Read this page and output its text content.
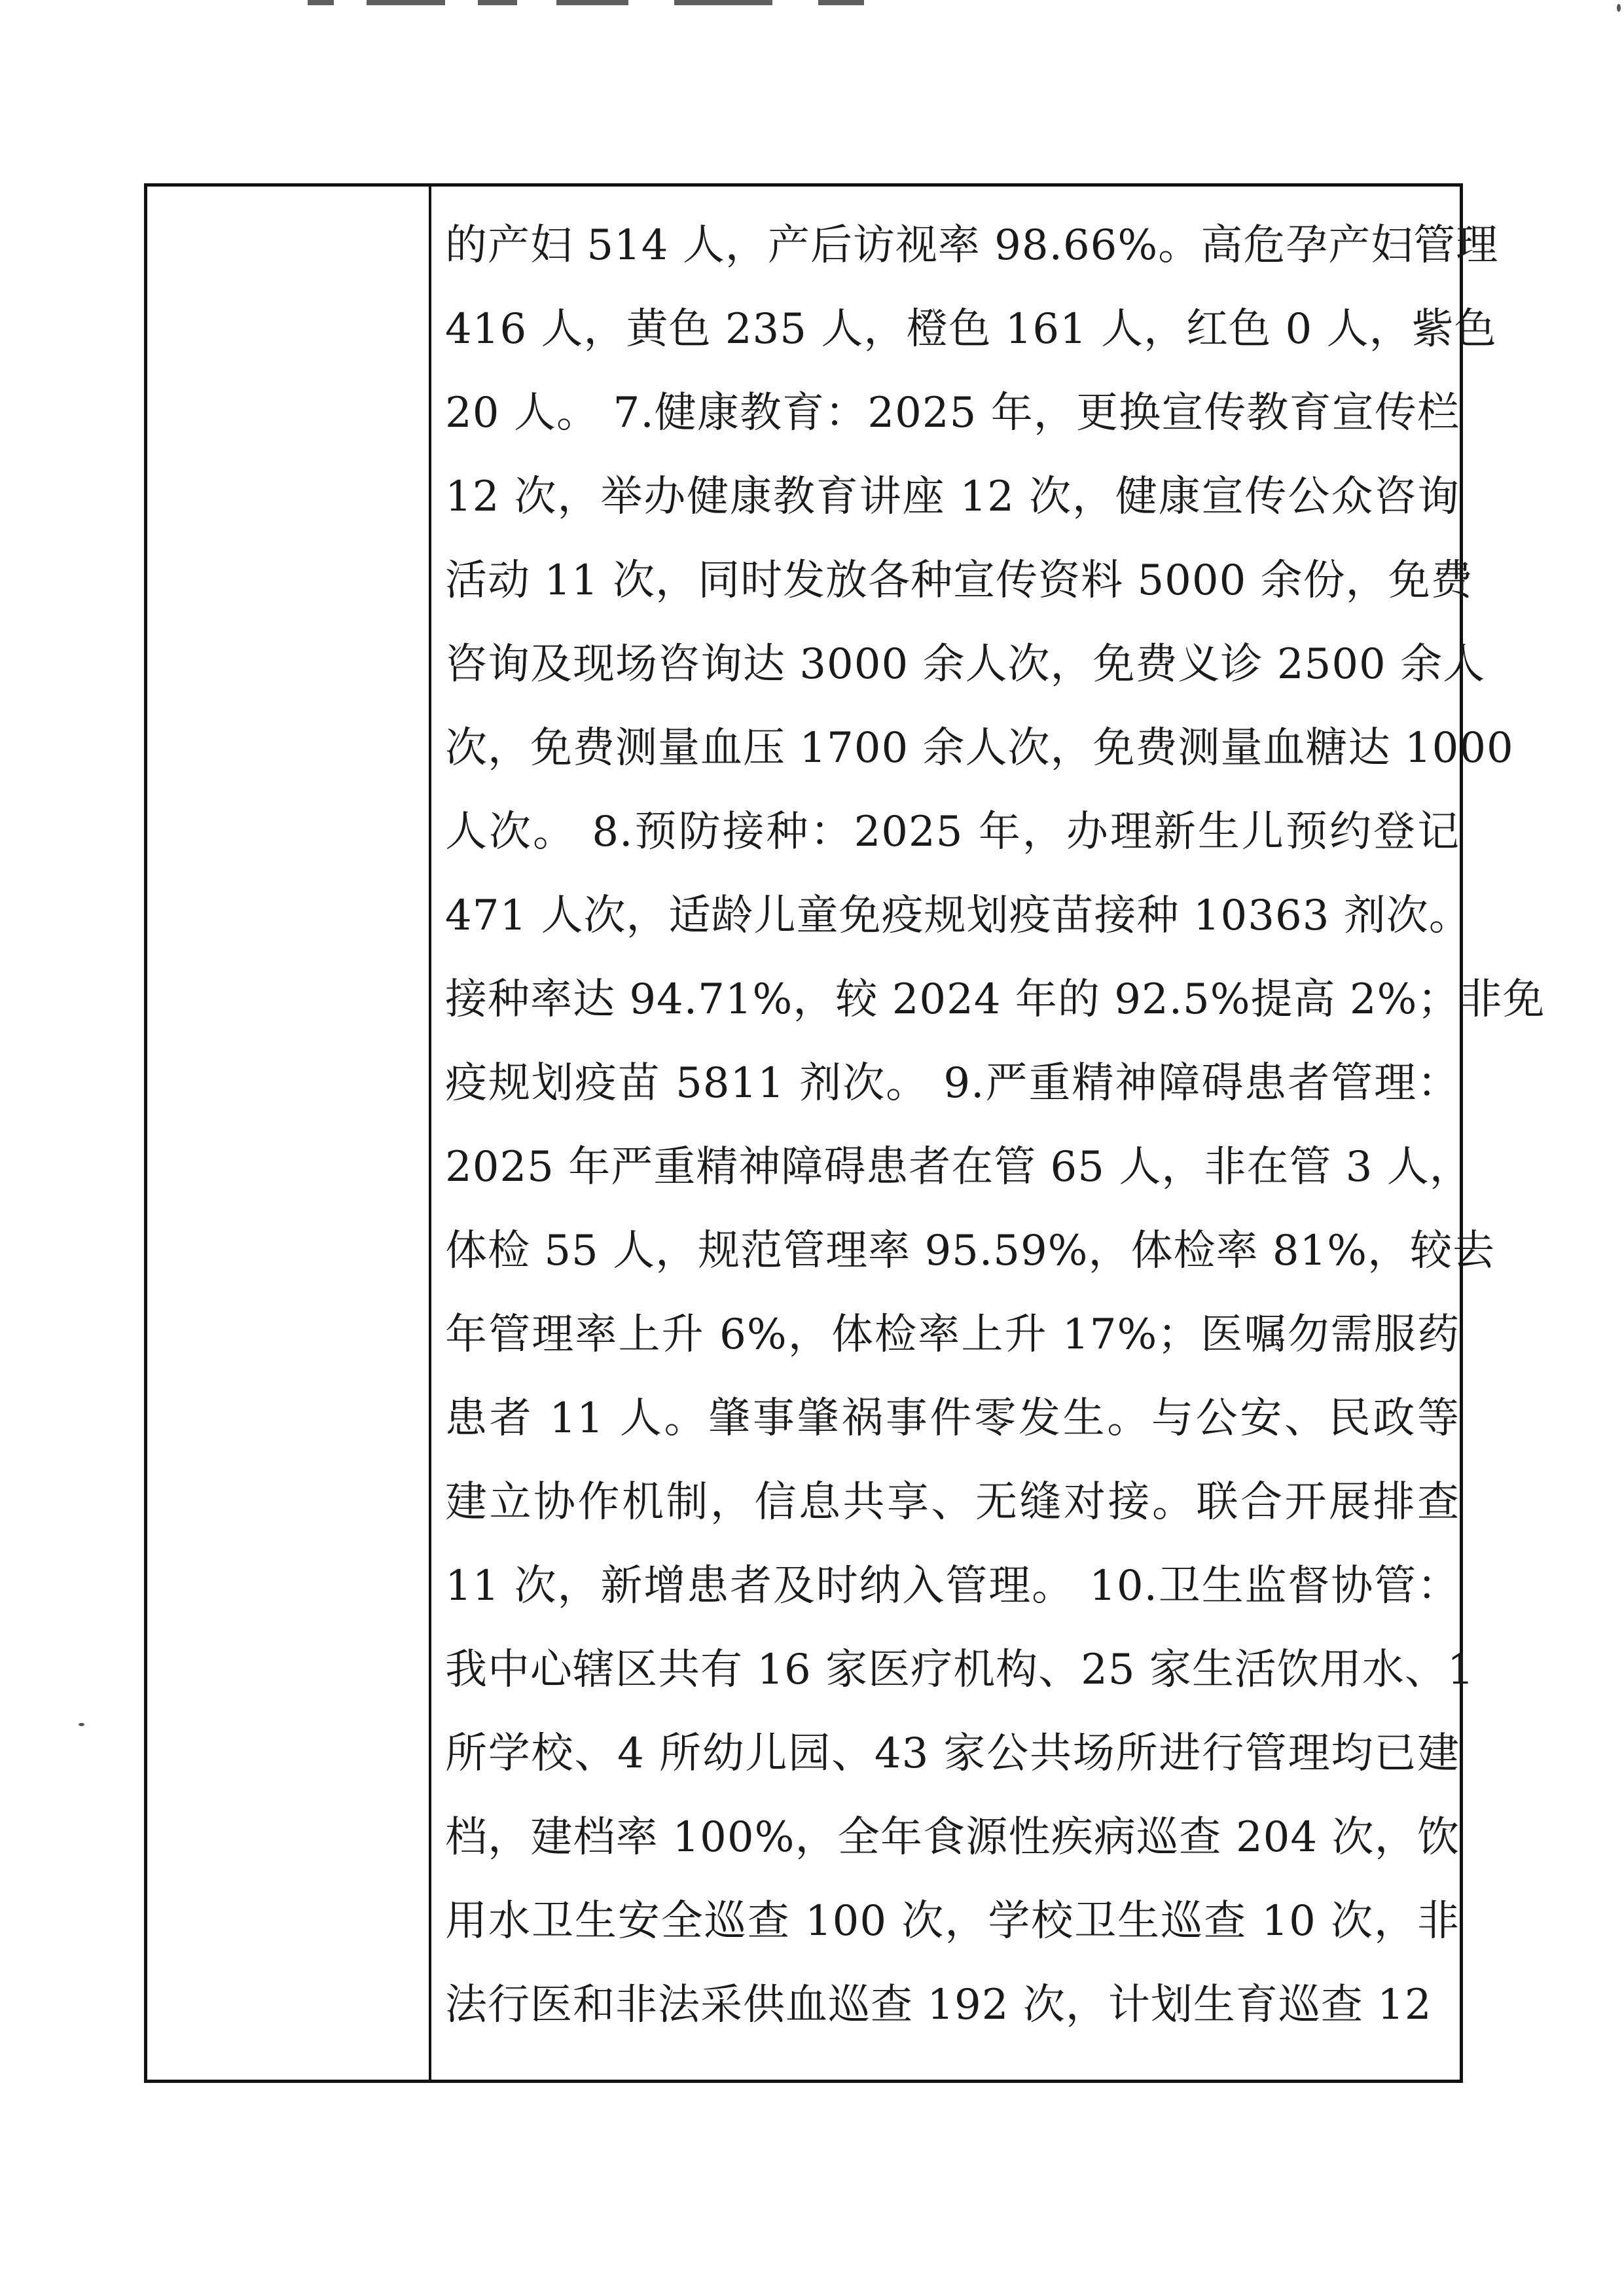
的产妇 514 人，产后访视率 98.66%。高危孕产妇管理
416 人，黄色 235 人，橙色 161 人，红色 0 人，紫色
20 人。 7.健康教育：2025 年，更换宣传教育宣传栏
12 次，举办健康教育讲座 12 次，健康宣传公众咨询
活动 11 次，同时发放各种宣传资料 5000 余份，免费
咨询及现场咨询达 3000 余人次，免费义诊 2500 余人
次，免费测量血压 1700 余人次，免费测量血糖达 1000
人次。 8.预防接种：2025 年，办理新生儿预约登记
471 人次，适龄儿童免疫规划疫苗接种 10363 剂次。
接种率达 94.71%，较 2024 年的 92.5%提高 2%；非免
疫规划疫苗 5811 剂次。 9.严重精神障碍患者管理：
2025 年严重精神障碍患者在管 65 人，非在管 3 人，
体检 55 人，规范管理率 95.59%，体检率 81%，较去
年管理率上升 6%，体检率上升 17%；医嘱勿需服药
患者 11 人。肇事肇祸事件零发生。与公安、民政等
建立协作机制，信息共享、无缝对接。联合开展排查
11 次，新增患者及时纳入管理。 10.卫生监督协管：
我中心辖区共有 16 家医疗机构、25 家生活饮用水、1
所学校、4 所幼儿园、43 家公共场所进行管理均已建
档，建档率 100%，全年食源性疾病巡查 204 次，饮
用水卫生安全巡查 100 次，学校卫生巡查 10 次，非
法行医和非法采供血巡查 192 次，计划生育巡查 12
